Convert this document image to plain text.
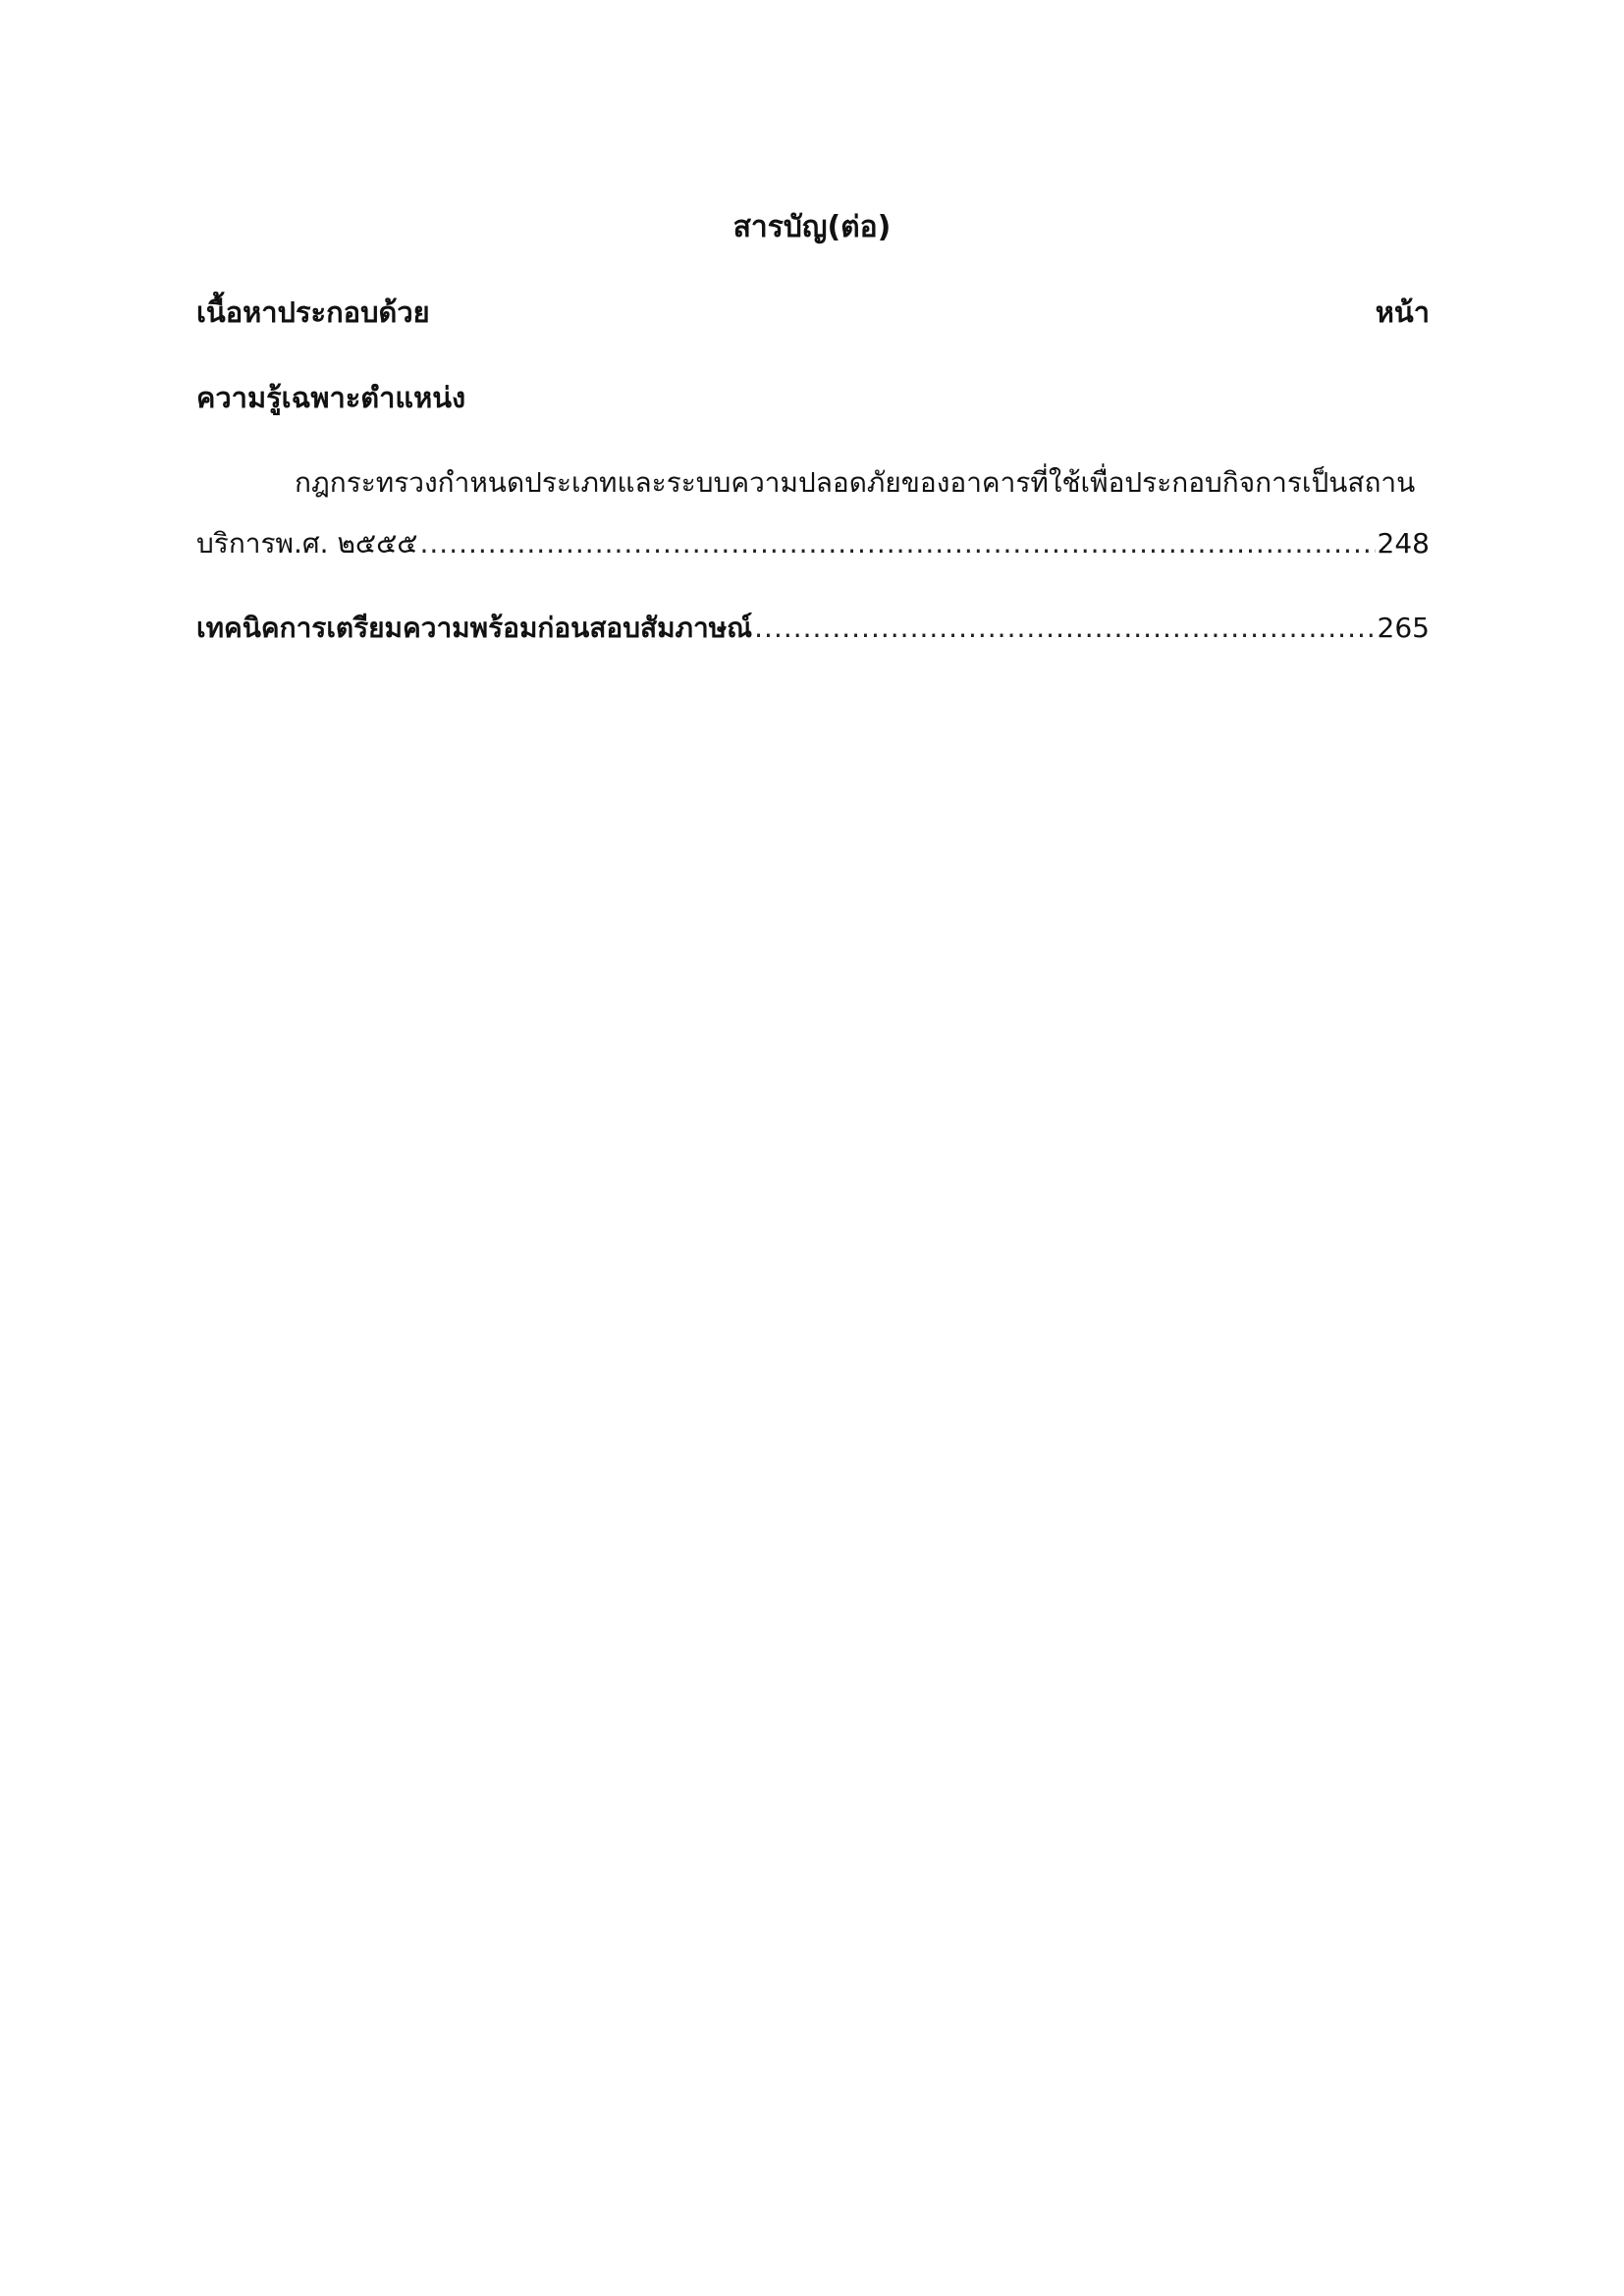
สารบัญ(ต่อ)
เนื้อหาประกอบด้วย	หน้า
ความรู้เฉพาะตำแหน่ง
กฎกระทรวงกำหนดประเภทและระบบความปลอดภัยของอาคารที่ใช้เพื่อประกอบกิจการเป็นสถาน
บริการพ.ศ. ๒๕๕๕ .....	248
เทคนิคการเตรียมความพร้อมก่อนสอบสัมภาษณ์ .....	265
